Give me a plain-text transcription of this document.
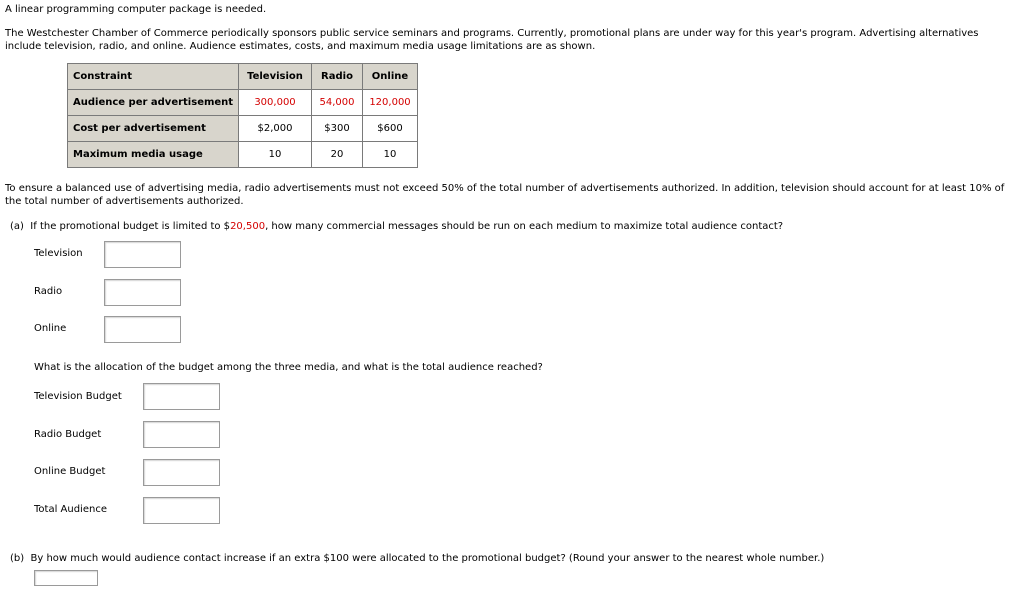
A linear programming computer package is needed.
The Westchester Chamber of Commerce periodically sponsors public service seminars and programs. Currently, promotional plans are under way for this year's program. Advertising alternatives include television, radio, and online. Audience estimates, costs, and maximum media usage limitations are as shown.
Constraint	Television	Radio	Online
Audience per advertisement	300,000	54,000	120,000
Cost per advertisement	$2,000	$300	$600
Maximum media usage	10	20	10
To ensure a balanced use of advertising media, radio advertisements must not exceed 50% of the total number of advertisements authorized. In addition, television should account for at least 10% of the total number of advertisements authorized.
(a) If the promotional budget is limited to $20,500, how many commercial messages should be run on each medium to maximize total audience contact?
Television
Radio
Online
What is the allocation of the budget among the three media, and what is the total audience reached?
Television Budget
Radio Budget
Online Budget
Total Audience
(b) By how much would audience contact increase if an extra $100 were allocated to the promotional budget? (Round your answer to the nearest whole number.)
